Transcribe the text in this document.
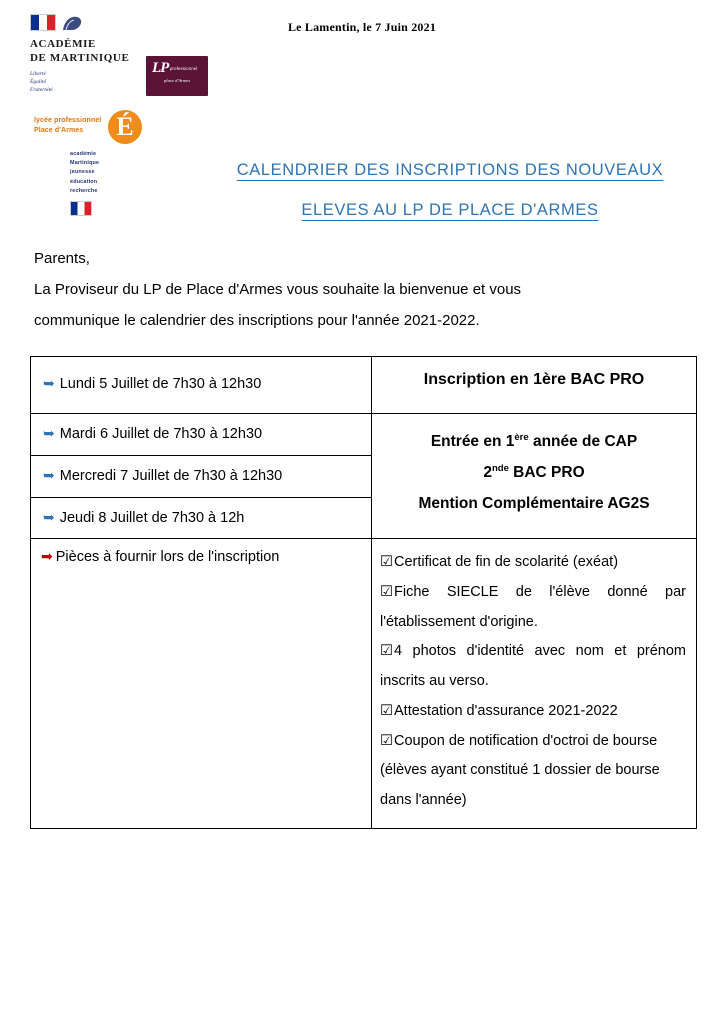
Le Lamentin, le 7 Juin 2021
ACADÉMIE
DE MARTINIQUE
Liberté
Égalité
Fraternité
LP professionnel
place d'Armes
lycée professionnel
Place d'Armes	É
académie
Martinique
jeunesse
éducation
recherche
CALENDRIER DES INSCRIPTIONS DES NOUVEAUX
ELEVES AU LP DE PLACE D'ARMES

Parents,

La Proviseur du LP de Place d'Armes vous souhaite la bienvenue et vous

communique le calendrier des inscriptions pour l'année 2021-2022.

➥ Lundi 5 Juillet de 7h30 à 12h30	Inscription en 1ère BAC PRO

➥ Mardi 6 Juillet de 7h30 à 12h30	Entrée en 1ère année de CAP
2nde BAC PRO
Mention Complémentaire AG2S

➥ Mercredi 7 Juillet de 7h30 à 12h30	

➥ Jeudi 8 Juillet de 7h30 à 12h	

➡ Pièces à fournir lors de l'inscription	☑Certificat de fin de scolarité (exéat)

☑Fiche SIECLE de l'élève donné par l'établissement d'origine.

☑4 photos d'identité avec nom et prénom inscrits au verso.

☑Attestation d'assurance 2021-2022

☑Coupon de notification d'octroi de bourse (élèves ayant constitué 1 dossier de bourse dans l'année)
